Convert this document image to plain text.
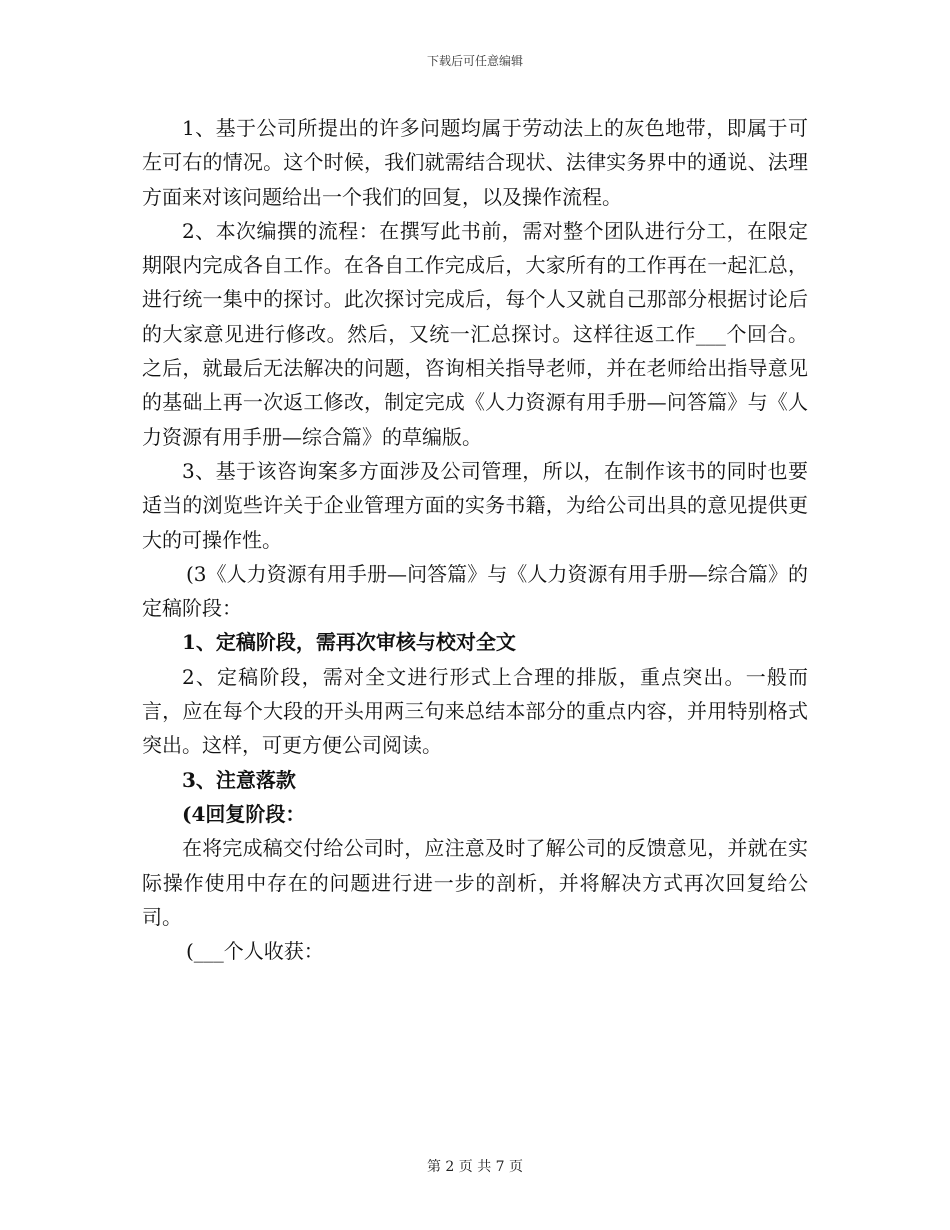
下载后可任意编辑

1、基于公司所提出的许多问题均属于劳动法上的灰色地带，即属于可左可右的情况。这个时候，我们就需结合现状、法律实务界中的通说、法理方面来对该问题给出一个我们的回复，以及操作流程。

2、本次编撰的流程：在撰写此书前，需对整个团队进行分工，在限定期限内完成各自工作。在各自工作完成后，大家所有的工作再在一起汇总，进行统一集中的探讨。此次探讨完成后，每个人又就自己那部分根据讨论后的大家意见进行修改。然后，又统一汇总探讨。这样往返工作___个回合。之后，就最后无法解决的问题，咨询相关指导老师，并在老师给出指导意见的基础上再一次返工修改，制定完成《人力资源有用手册—问答篇》与《人力资源有用手册—综合篇》的草编版。

3、基于该咨询案多方面涉及公司管理，所以，在制作该书的同时也要适当的浏览些许关于企业管理方面的实务书籍，为给公司出具的意见提供更大的可操作性。

(3《人力资源有用手册—问答篇》与《人力资源有用手册—综合篇》的定稿阶段：

1、定稿阶段，需再次审核与校对全文

2、定稿阶段，需对全文进行形式上合理的排版，重点突出。一般而言，应在每个大段的开头用两三句来总结本部分的重点内容，并用特别格式突出。这样，可更方便公司阅读。

3、注意落款

(4回复阶段：

在将完成稿交付给公司时，应注意及时了解公司的反馈意见，并就在实际操作使用中存在的问题进行进一步的剖析，并将解决方式再次回复给公司。

(___个人收获：

第 2 页 共 7 页
